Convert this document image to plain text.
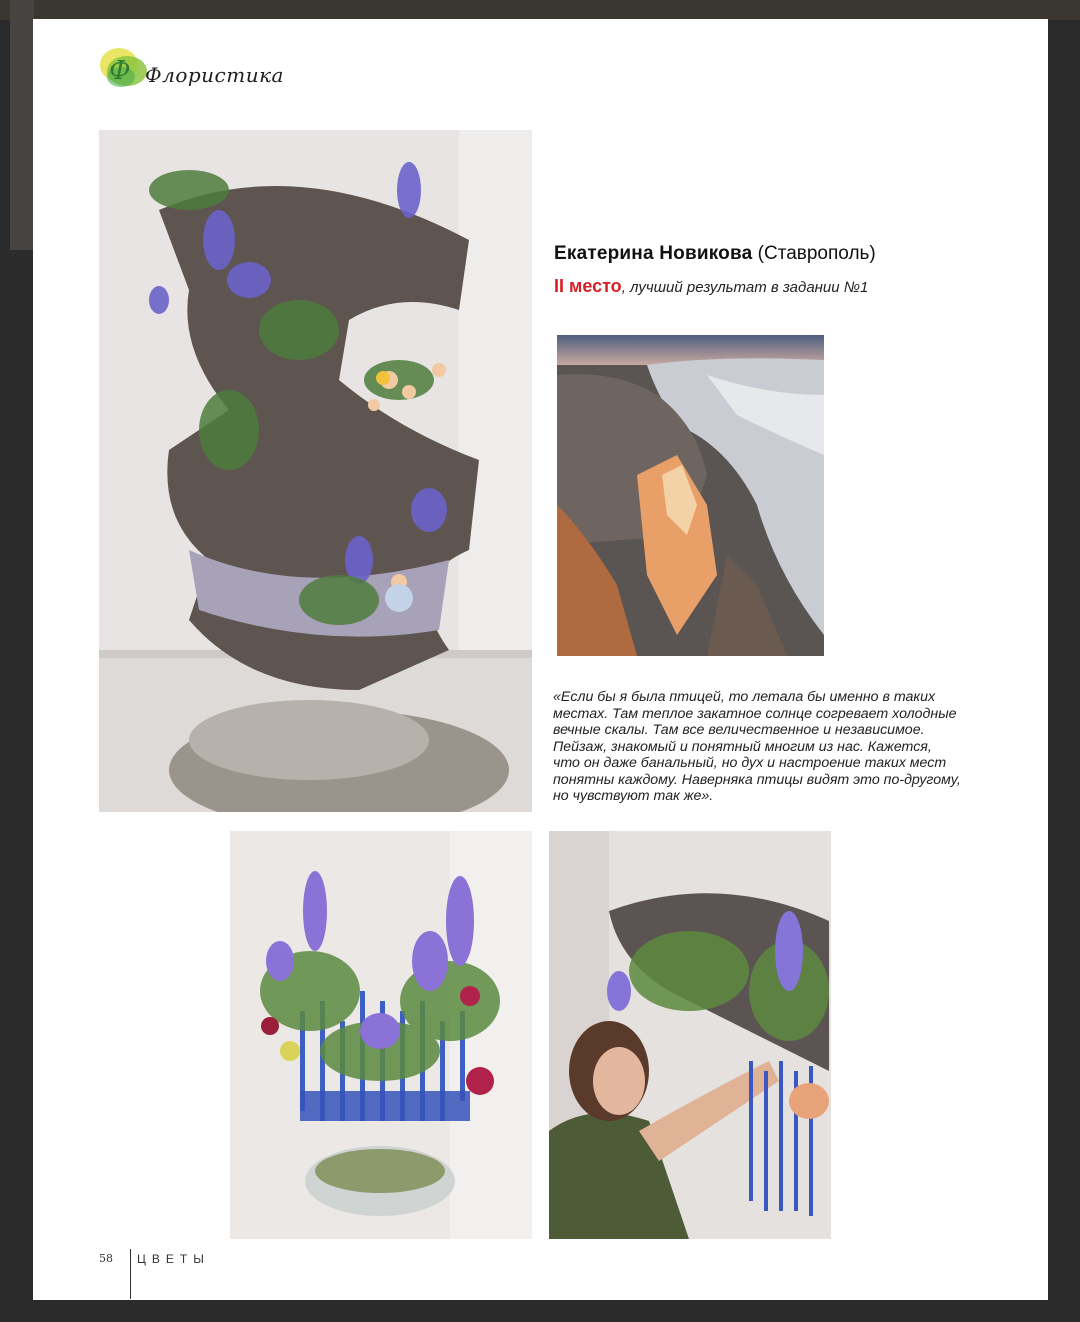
Ф Флористика
Екатерина Новикова (Ставрополь)
II место, лучший результат в задании №1

«Если бы я была птицей, то летала бы именно в таких

местах. Там теплое закатное солнце согревает холодные

вечные скалы. Там все величественное и независимое.

Пейзаж, знакомый и понятный многим из нас. Кажется,

что он даже банальный, но дух и настроение таких мест

понятны каждому. Наверняка птицы видят это по-другому,

но чувствуют так же».

58 ЦВЕТЫ
